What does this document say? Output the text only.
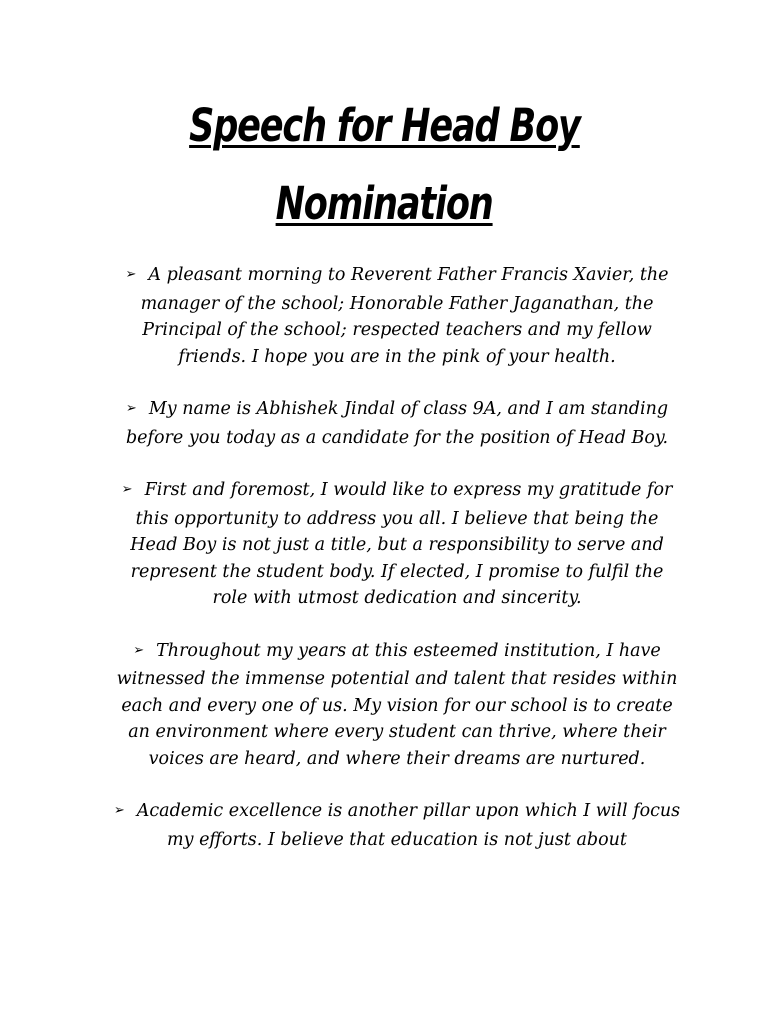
Speech for Head Boy
Nomination
➢ A pleasant morning to Reverent Father Francis Xavier, the manager of the school; Honorable Father Jaganathan, the Principal of the school; respected teachers and my fellow friends. I hope you are in the pink of your health.
➢ My name is Abhishek Jindal of class 9A, and I am standing before you today as a candidate for the position of Head Boy.
➢ First and foremost, I would like to express my gratitude for this opportunity to address you all. I believe that being the Head Boy is not just a title, but a responsibility to serve and represent the student body. If elected, I promise to fulfil the role with utmost dedication and sincerity.
➢ Throughout my years at this esteemed institution, I have witnessed the immense potential and talent that resides within each and every one of us. My vision for our school is to create an environment where every student can thrive, where their voices are heard, and where their dreams are nurtured.
➢ Academic excellence is another pillar upon which I will focus my efforts. I believe that education is not just about
